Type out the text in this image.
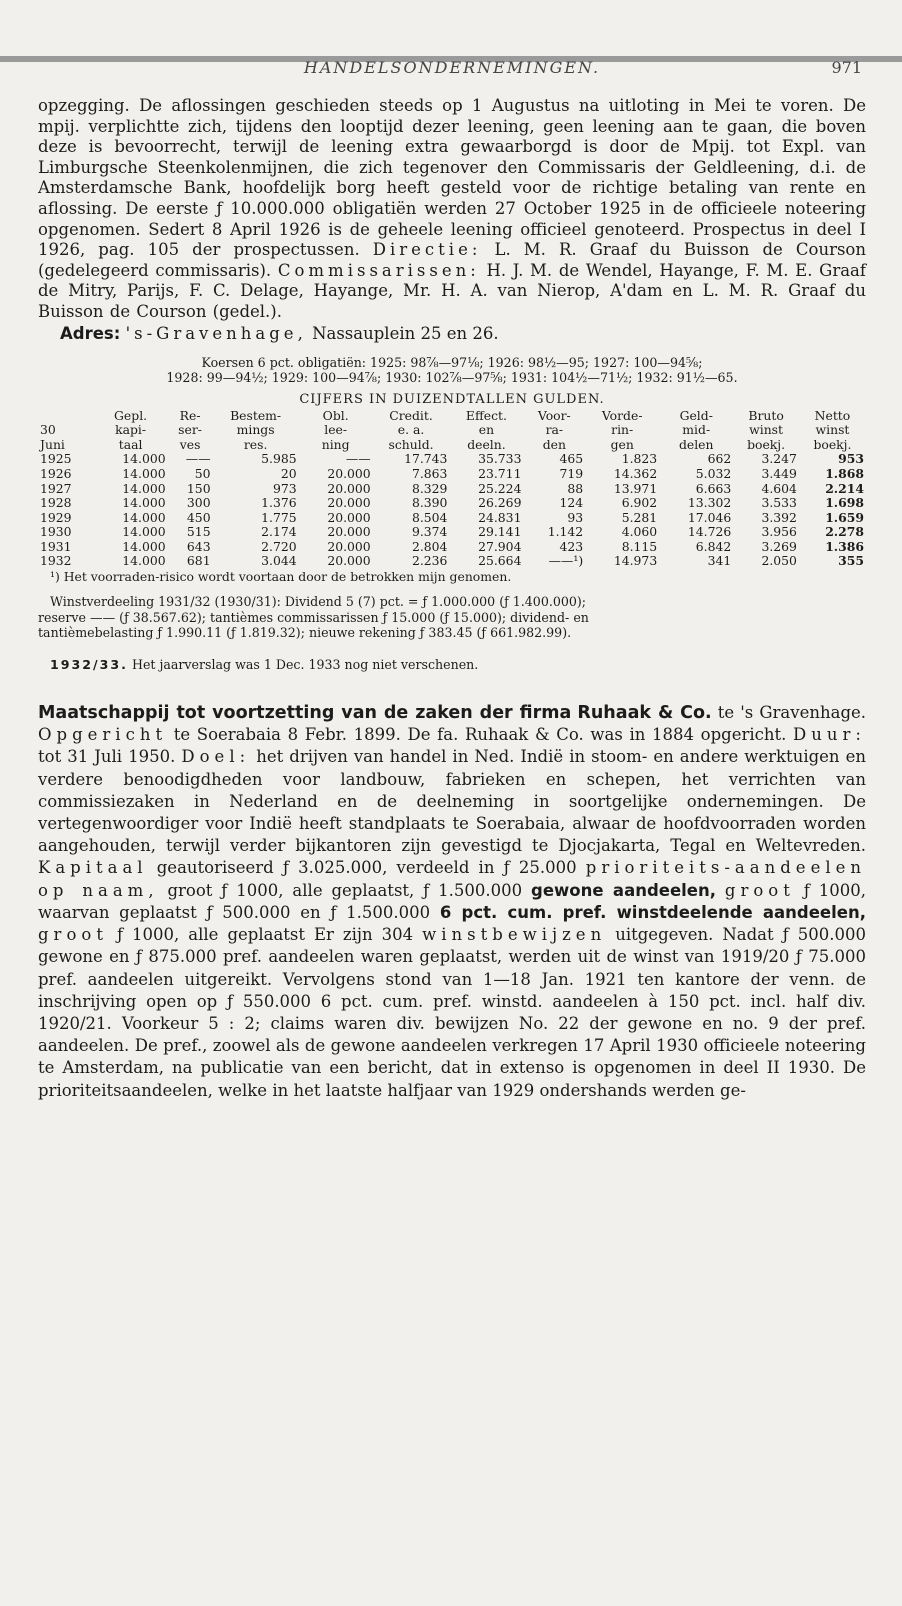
HANDELSONDERNEMINGEN.	971

opzegging. De aflossingen geschieden steeds op 1 Augustus na uitloting in Mei te voren. De mpij. verplichtte zich, tijdens den looptijd dezer leening, geen leening aan te gaan, die boven deze is bevoorrecht, terwijl de leening extra gewaarborgd is door de Mpij. tot Expl. van Limburgsche Steenkolenmijnen, die zich tegenover den Commissaris der Geldleening, d.i. de Amsterdamsche Bank, hoofdelijk borg heeft gesteld voor de richtige betaling van rente en aflossing. De eerste ƒ 10.000.000 obligatiën werden 27 October 1925 in de officieele noteering opgenomen. Sedert 8 April 1926 is de geheele leening officieel genoteerd. Prospectus in deel I 1926, pag. 105 der prospectussen. Directie: L. M. R. Graaf du Buisson de Courson (gedelegeerd commissaris). Commissarissen: H. J. M. de Wendel, Hayange, F. M. E. Graaf de Mitry, Parijs, F. C. Delage, Hayange, Mr. H. A. van Nierop, A'dam en L. M. R. Graaf du Buisson de Courson (gedel.).

Adres: 's-Gravenhage, Nassauplein 25 en 26.

Koersen 6 pct. obligatiën: 1925: 98⅞—97⅛; 1926: 98½—95; 1927: 100—94⅝;
1928: 99—94½; 1929: 100—94⅞; 1930: 102⅞—97⅝; 1931: 104½—71½; 1932: 91½—65.
CIJFERS IN DUIZENDTALLEN GULDEN.
	Gepl.	Re-	Bestem-	Obl.	Credit.	Effect.	Voor-	Vorde-	Geld-	Bruto	Netto
30	kapi-	ser-	mings	lee-	e. a.	en	ra-	rin-	mid-	winst	winst
Juni	taal	ves	res.	ning	schuld.	deeln.	den	gen	delen	boekj.	boekj.
1925	14.000	——	5.985	——	17.743	35.733	465	1.823	662	3.247	953
1926	14.000	50	20	20.000	7.863	23.711	719	14.362	5.032	3.449	1.868
1927	14.000	150	973	20.000	8.329	25.224	88	13.971	6.663	4.604	2.214
1928	14.000	300	1.376	20.000	8.390	26.269	124	6.902	13.302	3.533	1.698
1929	14.000	450	1.775	20.000	8.504	24.831	93	5.281	17.046	3.392	1.659
1930	14.000	515	2.174	20.000	9.374	29.141	1.142	4.060	14.726	3.956	2.278
1931	14.000	643	2.720	20.000	2.804	27.904	423	8.115	6.842	3.269	1.386
1932	14.000	681	3.044	20.000	2.236	25.664	——¹)	14.973	341	2.050	355
¹) Het voorraden-risico wordt voortaan door de betrokken mijn genomen.
Winstverdeeling 1931/32 (1930/31): Dividend 5 (7) pct. = ƒ 1.000.000 (ƒ 1.400.000);
reserve —— (ƒ 38.567.62); tantièmes commissarissen ƒ 15.000 (ƒ 15.000); dividend- en
tantièmebelasting ƒ 1.990.11 (ƒ 1.819.32); nieuwe rekening ƒ 383.45 (ƒ 661.982.99).
1932/33. Het jaarverslag was 1 Dec. 1933 nog niet verschenen.

Maatschappij tot voortzetting van de zaken der firma Ruhaak & Co. te 's Gravenhage. Opgericht te Soerabaia 8 Febr. 1899. De fa. Ruhaak & Co. was in 1884 opgericht. Duur: tot 31 Juli 1950. Doel: het drijven van handel in Ned. Indië in stoom- en andere werktuigen en verdere benoodigdheden voor landbouw, fabrieken en schepen, het verrichten van commissiezaken in Nederland en de deelneming in soortgelijke ondernemingen. De vertegenwoordiger voor Indië heeft standplaats te Soerabaia, alwaar de hoofdvoorraden worden aangehouden, terwijl verder bijkantoren zijn gevestigd te Djocjakarta, Tegal en Weltevreden. Kapitaal geautoriseerd ƒ 3.025.000, verdeeld in ƒ 25.000 prioriteits-aandeelen op naam, groot ƒ 1000, alle geplaatst, ƒ 1.500.000 gewone aandeelen, groot ƒ 1000, waarvan geplaatst ƒ 500.000 en ƒ 1.500.000 6 pct. cum. pref. winstdeelende aandeelen, groot ƒ 1000, alle geplaatst Er zijn 304 winstbewijzen uitgegeven. Nadat ƒ 500.000 gewone en ƒ 875.000 pref. aandeelen waren geplaatst, werden uit de winst van 1919/20 ƒ 75.000 pref. aandeelen uitgereikt. Vervolgens stond van 1—18 Jan. 1921 ten kantore der venn. de inschrijving open op ƒ 550.000 6 pct. cum. pref. winstd. aandeelen à 150 pct. incl. half div. 1920/21. Voorkeur 5 : 2; claims waren div. bewijzen No. 22 der gewone en no. 9 der pref. aandeelen. De pref., zoowel als de gewone aandeelen verkregen 17 April 1930 officieele noteering te Amsterdam, na publicatie van een bericht, dat in extenso is opgenomen in deel II 1930. De prioriteitsaandeelen, welke in het laatste halfjaar van 1929 ondershands werden ge-
